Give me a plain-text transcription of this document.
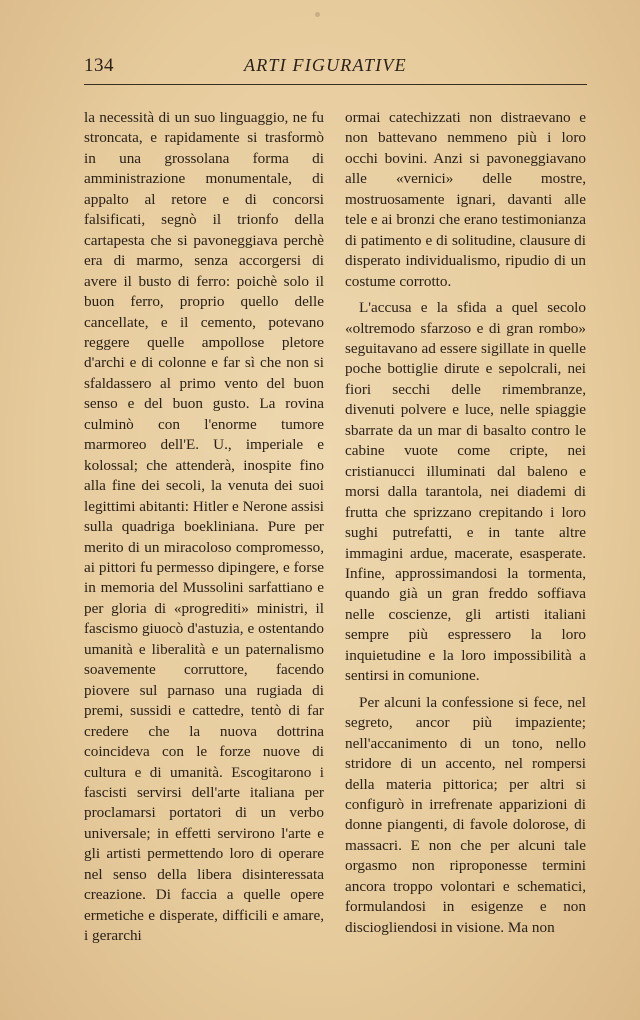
134	ARTI FIGURATIVE

la necessità di un suo linguaggio, ne fu stroncata, e rapidamente si trasformò in una grossolana forma di amministrazione monumentale, di appalto al retore e di concorsi falsificati, segnò il trionfo della cartapesta che si pavoneggiava perchè era di marmo, senza accorgersi di avere il busto di ferro: poichè solo il buon ferro, proprio quello delle cancellate, e il cemento, potevano reggere quelle ampollose pletore d'archi e di colonne e far sì che non si sfaldassero al primo vento del buon senso e del buon gusto. La rovina culminò con l'enorme tumore marmoreo dell'E. U., imperiale e kolossal; che attenderà, inospite fino alla fine dei secoli, la venuta dei suoi legittimi abitanti: Hitler e Nerone assisi sulla quadriga boekliniana. Pure per merito di un miracoloso compromesso, ai pittori fu permesso dipingere, e forse in memoria del Mussolini sarfattiano e per gloria di «progrediti» ministri, il fascismo giuocò d'astuzia, e ostentando umanità e liberalità e un paternalismo soavemente corruttore, facendo piovere sul parnaso una rugiada di premi, sussidi e cattedre, tentò di far credere che la nuova dottrina coincideva con le forze nuove di cultura e di umanità. Escogitarono i fascisti servirsi dell'arte italiana per proclamarsi portatori di un verbo universale; in effetti servirono l'arte e gli artisti permettendo loro di operare nel senso della libera disinteressata creazione. Di faccia a quelle opere ermetiche e disperate, difficili e amare, i gerarchi

ormai catechizzati non distraevano e non battevano nemmeno più i loro occhi bovini. Anzi si pavoneggiavano alle «vernici» delle mostre, mostruosamente ignari, davanti alle tele e ai bronzi che erano testimonianza di patimento e di solitudine, clausure di disperato individualismo, ripudio di un costume corrotto.

L'accusa e la sfida a quel secolo «oltremodo sfarzoso e di gran rombo» seguitavano ad essere sigillate in quelle poche bottiglie dirute e sepolcrali, nei fiori secchi delle rimembranze, divenuti polvere e luce, nelle spiaggie sbarrate da un mar di basalto contro le cabine vuote come cripte, nei cristianucci illuminati dal baleno e morsi dalla tarantola, nei diademi di frutta che sprizzano crepitando i loro sughi putrefatti, e in tante altre immagini ardue, macerate, esasperate. Infine, approssimandosi la tormenta, quando già un gran freddo soffiava nelle coscienze, gli artisti italiani sempre più espressero la loro inquietudine e la loro impossibilità a sentirsi in comunione.

Per alcuni la confessione si fece, nel segreto, ancor più impaziente; nell'accanimento di un tono, nello stridore di un accento, nel rompersi della materia pittorica; per altri si configurò in irrefrenate apparizioni di donne piangenti, di favole dolorose, di massacri. E non che per alcuni tale orgasmo non riproponesse termini ancora troppo volontari e schematici, formulandosi in esigenze e non disciogliendosi in visione. Ma non
